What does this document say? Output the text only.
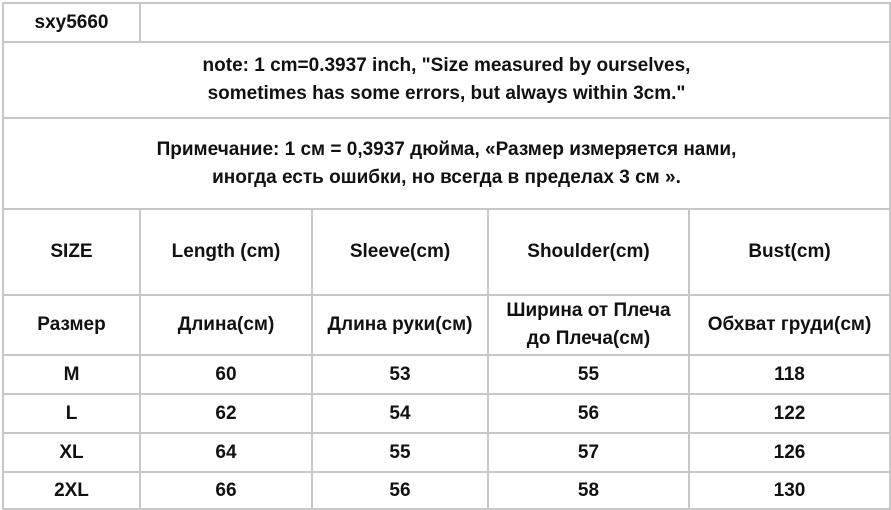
sxy5660				

note: 1 cm=0.3937 inch, "Size measured by ourselves,
sometimes has some errors, but always within 3cm."				

Примечание: 1 см = 0,3937 дюйма, «Размер измеряется нами,
иногда есть ошибки, но всегда в пределах 3 см ».				

SIZE	Length (cm)	Sleeve(cm)	Shoulder(cm)	Bust(cm)

Размер	Длина(см)	Длина руки(см)	Ширина от Плеча
до Плеча(см)	Обхват груди(см)

M	60	53	55	118
L	62	54	56	122
XL	64	55	57	126
2XL	66	56	58	130
